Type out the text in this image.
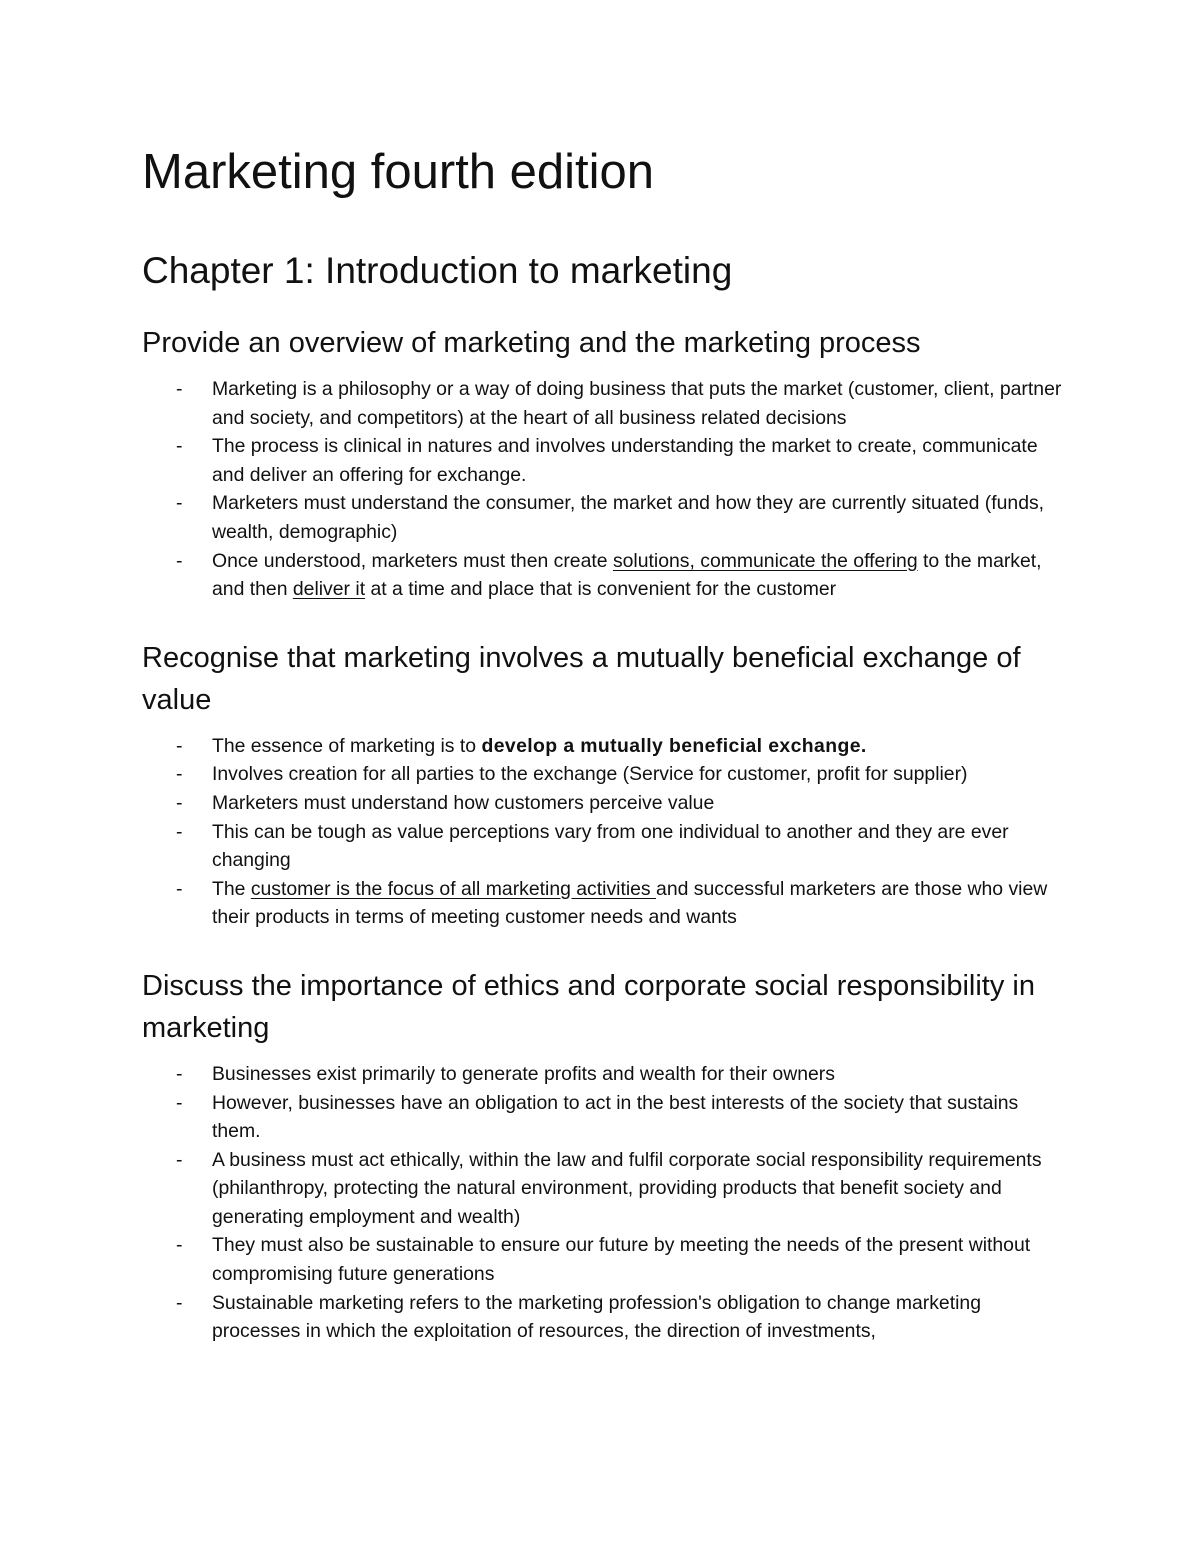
Marketing fourth edition
Chapter 1: Introduction to marketing
Provide an overview of marketing and the marketing process
- Marketing is a philosophy or a way of doing business that puts the market (customer, client, partner and society, and competitors) at the heart of all business related decisions
- The process is clinical in natures and involves understanding the market to create, communicate and deliver an offering for exchange.
- Marketers must understand the consumer, the market and how they are currently situated (funds, wealth, demographic)
- Once understood, marketers must then create solutions, communicate the offering to the market, and then deliver it at a time and place that is convenient for the customer
Recognise that marketing involves a mutually beneficial exchange of value
- The essence of marketing is to develop a mutually beneficial exchange.
- Involves creation for all parties to the exchange (Service for customer, profit for supplier)
- Marketers must understand how customers perceive value
- This can be tough as value perceptions vary from one individual to another and they are ever changing
- The customer is the focus of all marketing activities and successful marketers are those who view their products in terms of meeting customer needs and wants
Discuss the importance of ethics and corporate social responsibility in marketing
- Businesses exist primarily to generate profits and wealth for their owners
- However, businesses have an obligation to act in the best interests of the society that sustains them.
- A business must act ethically, within the law and fulfil corporate social responsibility requirements (philanthropy, protecting the natural environment, providing products that benefit society and generating employment and wealth)
- They must also be sustainable to ensure our future by meeting the needs of the present without compromising future generations
- Sustainable marketing refers to the marketing profession's obligation to change marketing processes in which the exploitation of resources, the direction of investments,
